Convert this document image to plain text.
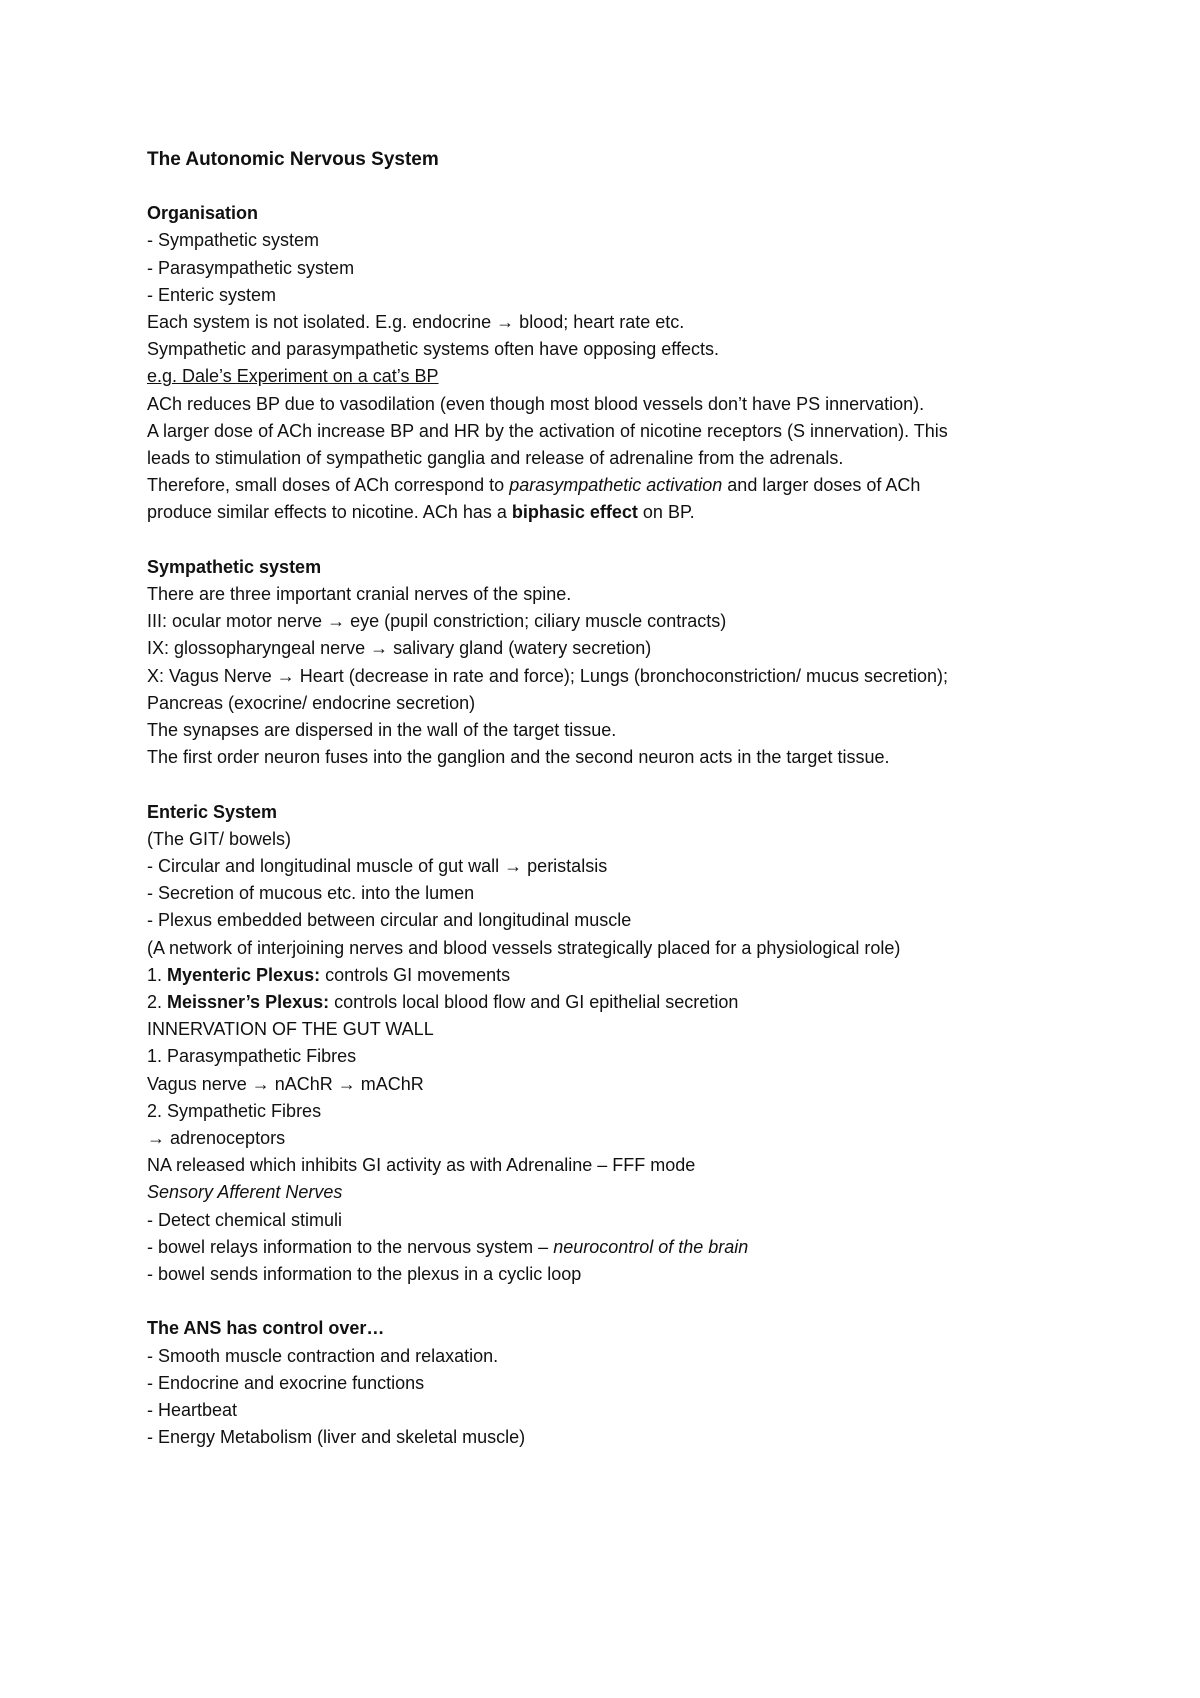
The Autonomic Nervous System

Organisation

- Sympathetic system

- Parasympathetic system

- Enteric system

Each system is not isolated. E.g. endocrine → blood; heart rate etc.

Sympathetic and parasympathetic systems often have opposing effects.

e.g. Dale’s Experiment on a cat’s BP

ACh reduces BP due to vasodilation (even though most blood vessels don’t have PS innervation).

A larger dose of ACh increase BP and HR by the activation of nicotine receptors (S innervation). This

leads to stimulation of sympathetic ganglia and release of adrenaline from the adrenals.

Therefore, small doses of ACh correspond to parasympathetic activation and larger doses of ACh

produce similar effects to nicotine. ACh has a biphasic effect on BP.

Sympathetic system

There are three important cranial nerves of the spine.

III: ocular motor nerve → eye (pupil constriction; ciliary muscle contracts)

IX: glossopharyngeal nerve → salivary gland (watery secretion)

X: Vagus Nerve → Heart (decrease in rate and force); Lungs (bronchoconstriction/ mucus secretion);

Pancreas (exocrine/ endocrine secretion)

The synapses are dispersed in the wall of the target tissue.

The first order neuron fuses into the ganglion and the second neuron acts in the target tissue.

Enteric System

(The GIT/ bowels)

- Circular and longitudinal muscle of gut wall → peristalsis

- Secretion of mucous etc. into the lumen

- Plexus embedded between circular and longitudinal muscle

(A network of interjoining nerves and blood vessels strategically placed for a physiological role)

1. Myenteric Plexus: controls GI movements

2. Meissner’s Plexus: controls local blood flow and GI epithelial secretion

INNERVATION OF THE GUT WALL

1. Parasympathetic Fibres

Vagus nerve → nAChR → mAChR

2. Sympathetic Fibres

→ adrenoceptors

NA released which inhibits GI activity as with Adrenaline – FFF mode

Sensory Afferent Nerves

- Detect chemical stimuli

- bowel relays information to the nervous system – neurocontrol of the brain

- bowel sends information to the plexus in a cyclic loop

The ANS has control over…

- Smooth muscle contraction and relaxation.

- Endocrine and exocrine functions

- Heartbeat

- Energy Metabolism (liver and skeletal muscle)
